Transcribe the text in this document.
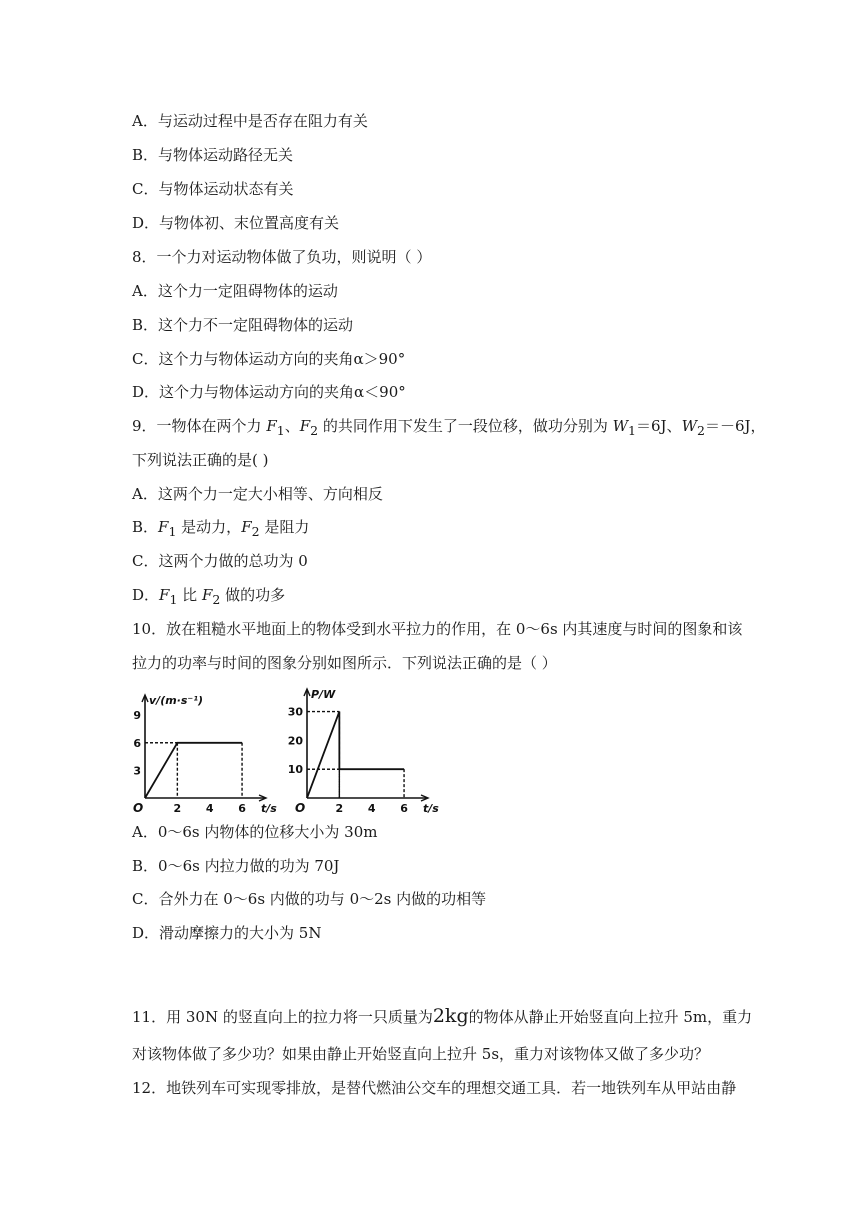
A．与运动过程中是否存在阻力有关
B．与物体运动路径无关
C．与物体运动状态有关
D．与物体初、末位置高度有关
8．一个力对运动物体做了负功，则说明（ ）
A．这个力一定阻碍物体的运动
B．这个力不一定阻碍物体的运动
C．这个力与物体运动方向的夹角α＞90°
D．这个力与物体运动方向的夹角α＜90°
9．一物体在两个力 $F_1$、$F_2$ 的共同作用下发生了一段位移，做功分别为 $W_1=6J$、$W_2=-6J$，
下列说法正确的是( )
A．这两个力一定大小相等、方向相反
B．$F_1$ 是动力，$F_2$ 是阻力
C．这两个力做的总功为 0
D．$F_1$ 比 $F_2$ 做的功多
10．放在粗糙水平地面上的物体受到水平拉力的作用，在 0～6s 内其速度与时间的图象和该
拉力的功率与时间的图象分别如图所示．下列说法正确的是（ ）
v/(m·s⁻¹)
t/s
O	2 4 6
3
6
9
P/W
t/s
O	2 4 6
10
20
30
A．0～6s 内物体的位移大小为 30m
B．0～6s 内拉力做的功为 70J
C．合外力在 0～6s 内做的功与 0～2s 内做的功相等
D．滑动摩擦力的大小为 5N
11．用 30N 的竖直向上的拉力将一只质量为2kg的物体从静止开始竖直向上拉升 5m，重力
对该物体做了多少功？如果由静止开始竖直向上拉升 5s，重力对该物体又做了多少功？
12．地铁列车可实现零排放，是替代燃油公交车的理想交通工具．若一地铁列车从甲站由静
